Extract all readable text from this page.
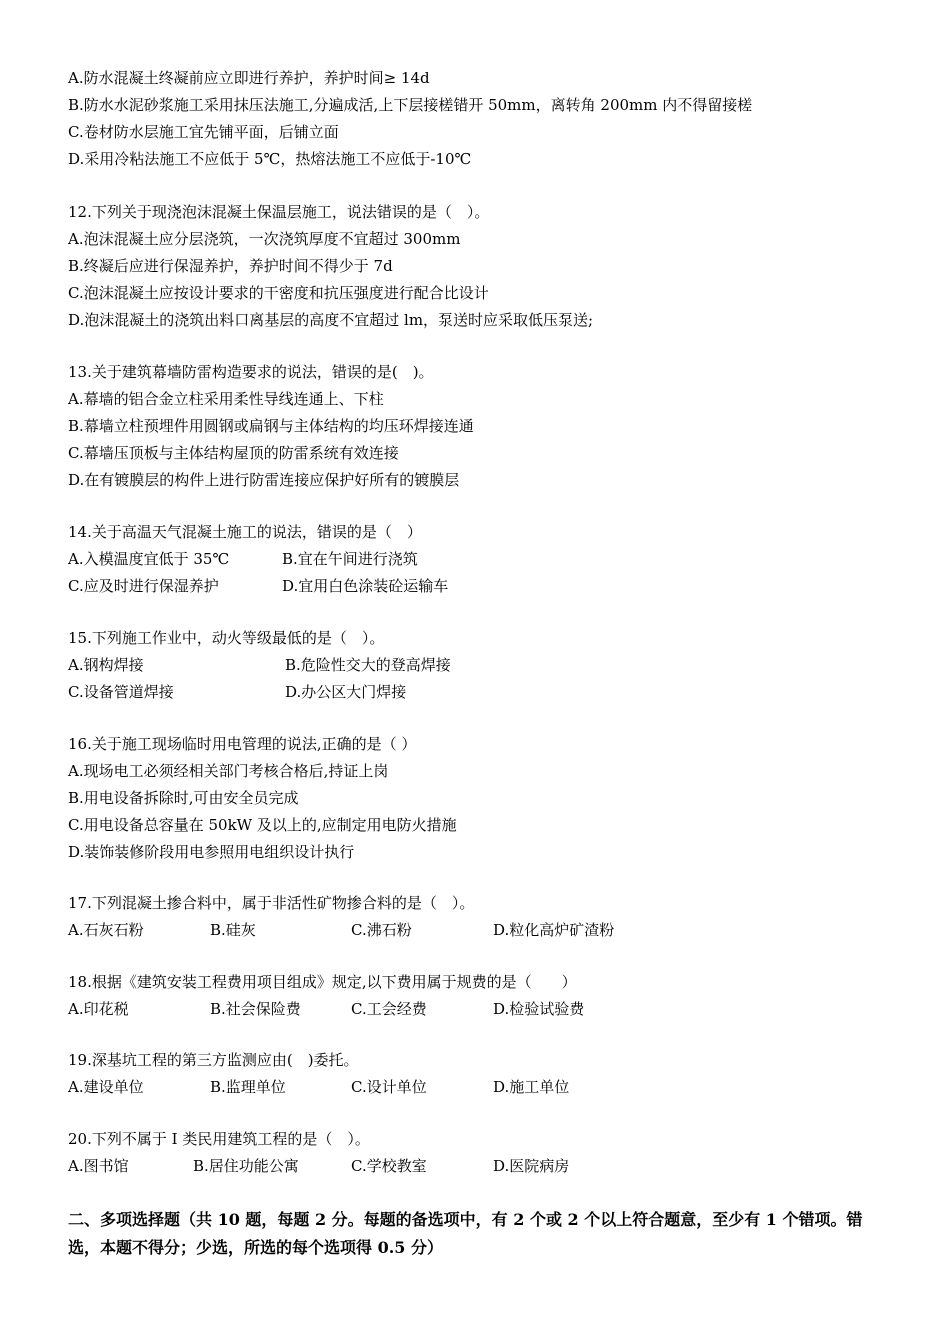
A.防水混凝土终凝前应立即进行养护，养护时间≥ 14d
B.防水水泥砂浆施工采用抹压法施工,分遍成活,上下层接槎错开 50mm，离转角 200mm 内不得留接槎
C.卷材防水层施工宜先铺平面，后铺立面
D.采用冷粘法施工不应低于 5℃，热熔法施工不应低于-10℃
12.下列关于现浇泡沫混凝土保温层施工，说法错误的是（　）。
A.泡沫混凝土应分层浇筑，一次浇筑厚度不宜超过 300mm
B.终凝后应进行保湿养护，养护时间不得少于 7d
C.泡沫混凝土应按设计要求的干密度和抗压强度进行配合比设计
D.泡沫混凝土的浇筑出料口离基层的高度不宜超过 lm，泵送时应采取低压泵送;
13.关于建筑幕墙防雷构造要求的说法，错误的是(　)。
A.幕墙的铝合金立柱采用柔性导线连通上、下柱
B.幕墙立柱预埋件用圆钢或扁钢与主体结构的均压环焊接连通
C.幕墙压顶板与主体结构屋顶的防雷系统有效连接
D.在有镀膜层的构件上进行防雷连接应保护好所有的镀膜层
14.关于高温天气混凝土施工的说法，错误的是（　）
A.入模温度宜低于 35℃	B.宜在午间进行浇筑
C.应及时进行保湿养护	D.宜用白色涂装砼运输车
15.下列施工作业中，动火等级最低的是（　）。
A.钢构焊接	B.危险性交大的登高焊接
C.设备管道焊接	D.办公区大门焊接
16.关于施工现场临时用电管理的说法,正确的是（ ）
A.现场电工必须经相关部门考核合格后,持证上岗
B.用电设备拆除时,可由安全员完成
C.用电设备总容量在 50kW 及以上的,应制定用电防火措施
D.装饰装修阶段用电参照用电组织设计执行
17.下列混凝土掺合料中，属于非活性矿物掺合料的是（　）。
A.石灰石粉	B.硅灰	C.沸石粉	D.粒化高炉矿渣粉
18.根据《建筑安装工程费用项目组成》规定,以下费用属于规费的是（　　）
A.印花税	B.社会保险费	C.工会经费	D.检验试验费
19.深基坑工程的第三方监测应由(　)委托。
A.建设单位	B.监理单位	C.设计单位	D.施工单位
20.下列不属于 I 类民用建筑工程的是（　）。
A.图书馆	B.居住功能公寓	C.学校教室	D.医院病房
二、多项选择题（共 10 题，每题 2 分。每题的备选项中，有 2 个或 2 个以上符合题意，至少有 1 个错项。错选，本题不得分；少选，所选的每个选项得 0.5 分）
